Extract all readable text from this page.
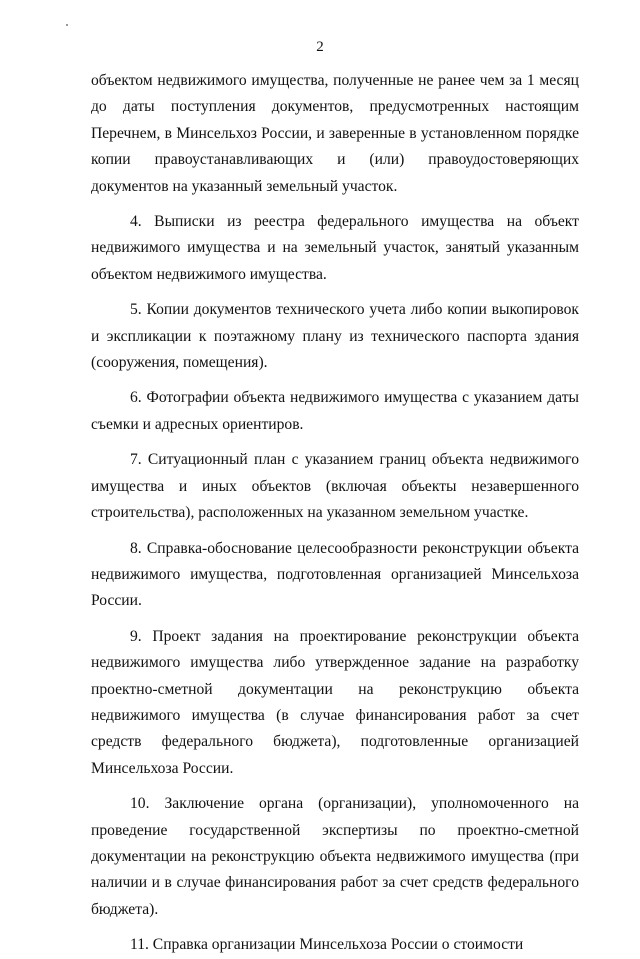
2

объектом недвижимого имущества, полученные не ранее чем за 1 месяц до даты поступления документов, предусмотренных настоящим Перечнем, в Минсельхоз России, и заверенные в установленном порядке копии правоустанавливающих и (или) правоудостоверяющих документов на указанный земельный участок.

4. Выписки из реестра федерального имущества на объект недвижимого имущества и на земельный участок, занятый указанным объектом недвижимого имущества.

5. Копии документов технического учета либо копии выкопировок и экспликации к поэтажному плану из технического паспорта здания (сооружения, помещения).

6. Фотографии объекта недвижимого имущества с указанием даты съемки и адресных ориентиров.

7. Ситуационный план с указанием границ объекта недвижимого имущества и иных объектов (включая объекты незавершенного строительства), расположенных на указанном земельном участке.

8. Справка-обоснование целесообразности реконструкции объекта недвижимого имущества, подготовленная организацией Минсельхоза России.

9. Проект задания на проектирование реконструкции объекта недвижимого имущества либо утвержденное задание на разработку проектно-сметной документации на реконструкцию объекта недвижимого имущества (в случае финансирования работ за счет средств федерального бюджета), подготовленные организацией Минсельхоза России.

10. Заключение органа (организации), уполномоченного на проведение государственной экспертизы по проектно-сметной документации на реконструкцию объекта недвижимого имущества (при наличии и в случае финансирования работ за счет средств федерального бюджета).

11. Справка организации Минсельхоза России о стоимости
